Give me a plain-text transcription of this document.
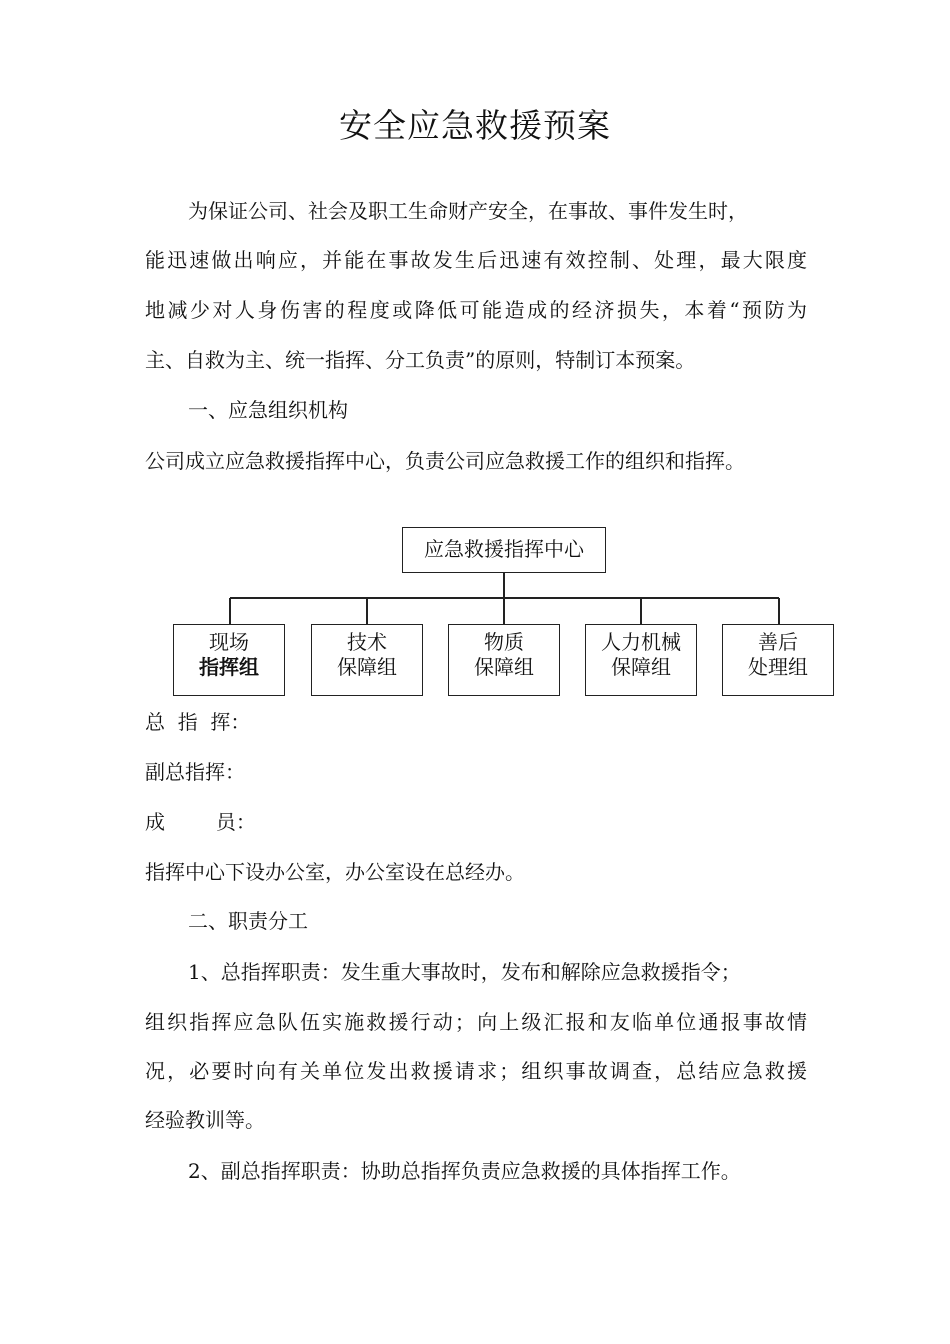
安全应急救援预案
为保证公司、社会及职工生命财产安全，在事故、事件发生时，
能迅速做出响应，并能在事故发生后迅速有效控制、处理，最大限度
地减少对人身伤害的程度或降低可能造成的经济损失，本着“预防为
主、自救为主、统一指挥、分工负责”的原则，特制订本预案。
一、应急组织机构
公司成立应急救援指挥中心，负责公司应急救援工作的组织和指挥。
应急救援指挥中心
现场
指挥组
技术
保障组
物质
保障组
人力机械
保障组
善后
处理组
总  指  挥：
副总指挥：
成        员：
指挥中心下设办公室，办公室设在总经办。
二、职责分工
1、总指挥职责：发生重大事故时，发布和解除应急救援指令；
组织指挥应急队伍实施救援行动；向上级汇报和友临单位通报事故情
况，必要时向有关单位发出救援请求；组织事故调查，总结应急救援
经验教训等。
2、副总指挥职责：协助总指挥负责应急救援的具体指挥工作。
